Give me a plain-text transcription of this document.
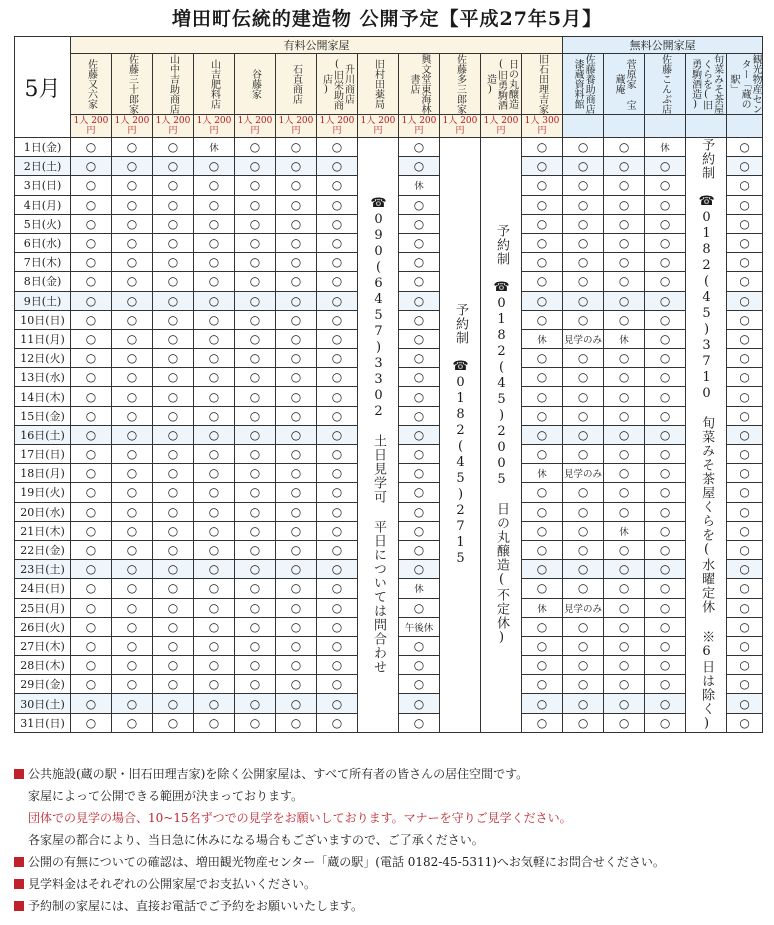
増田町伝統的建造物 公開予定【平成27年5月】
5月	有料公開家屋												無料公開家屋				
	佐藤又六家	佐藤三十郎家	山中吉助商店	山吉肥料店	谷藤家	石直商店	升川商店(旧栄助商店)	旧村田薬局	興文堂東海林書店	佐藤多三郎家	日の丸醸造(旧勇駒酒造)	旧石田理吉家	佐藤養助商店漆蔵資料館	菅原家 宝蔵庵	佐藤こんぶ店	旬菜みそ茶屋くらを(旧勇駒酒造)	観光物産センター「蔵の駅」
	1人 200円	1人 200円	1人 200円	1人 200円	1人 200円	1人 200円	1人 200円	1人 200円	1人 200円	1人 200円	1人 200円	1人 300円					
1日(金)	○	○	○	休	○	○	○	☎090(6457)3302土日見学可 平日については問合わせ	○	予約制☎0182(45)2715	予約制☎0182(45)2005日の丸醸造(不定休)	○	○	○	休	予約制☎0182(45)3710旬菜みそ茶屋くらを(水曜定休 ※6日は除く)	○
2日(土)	○	○	○	○	○	○	○		○			○	○	○	○		○
3日(日)	○	○	○	○	○	○	○		休			○	○	○	○		○
4日(月)	○	○	○	○	○	○	○		○			○	○	○	○		○
5日(火)	○	○	○	○	○	○	○		○			○	○	○	○		○
6日(水)	○	○	○	○	○	○	○		○			○	○	○	○		○
7日(木)	○	○	○	○	○	○	○		○			○	○	○	○		○
8日(金)	○	○	○	○	○	○	○		○			○	○	○	○		○
9日(土)	○	○	○	○	○	○	○		○			○	○	○	○		○
10日(日)	○	○	○	○	○	○	○		○			○	○	○	○		○
11日(月)	○	○	○	○	○	○	○		○			休	見学のみ	休	○		○
12日(火)	○	○	○	○	○	○	○		○			○	○	○	○		○
13日(水)	○	○	○	○	○	○	○		○			○	○	○	○		○
14日(木)	○	○	○	○	○	○	○		○			○	○	○	○		○
15日(金)	○	○	○	○	○	○	○		○			○	○	○	○		○
16日(土)	○	○	○	○	○	○	○		○			○	○	○	○		○
17日(日)	○	○	○	○	○	○	○		○			○	○	○	○		○
18日(月)	○	○	○	○	○	○	○		○			休	見学のみ	○	○		○
19日(火)	○	○	○	○	○	○	○		○			○	○	○	○		○
20日(水)	○	○	○	○	○	○	○		○			○	○	○	○		○
21日(木)	○	○	○	○	○	○	○		○			○	○	休	○		○
22日(金)	○	○	○	○	○	○	○		○			○	○	○	○		○
23日(土)	○	○	○	○	○	○	○		○			○	○	○	○		○
24日(日)	○	○	○	○	○	○	○		休			○	○	○	○		○
25日(月)	○	○	○	○	○	○	○		○			休	見学のみ	○	○		○
26日(火)	○	○	○	○	○	○	○		午後休			○	○	○	○		○
27日(木)	○	○	○	○	○	○	○		○			○	○	○	○		○
28日(木)	○	○	○	○	○	○	○		○			○	○	○	○		○
29日(金)	○	○	○	○	○	○	○		○			○	○	○	○		○
30日(土)	○	○	○	○	○	○	○		○			○	○	○	○		○
31日(日)	○	○	○	○	○	○	○		○			○	○	○	○		○
公共施設(蔵の駅・旧石田理吉家)を除く公開家屋は、すべて所有者の皆さんの居住空間です。
家屋によって公開できる範囲が決まっております。
団体での見学の場合、10~15名ずつでの見学をお願いしております。マナーを守りご見学ください。
各家屋の都合により、当日急に休みになる場合もございますので、ご了承ください。
公開の有無についての確認は、増田観光物産センター「蔵の駅」(電話 0182-45-5311)へお気軽にお問合せください。
見学料金はそれぞれの公開家屋でお支払いください。
予約制の家屋には、直接お電話でご予約をお願いいたします。
